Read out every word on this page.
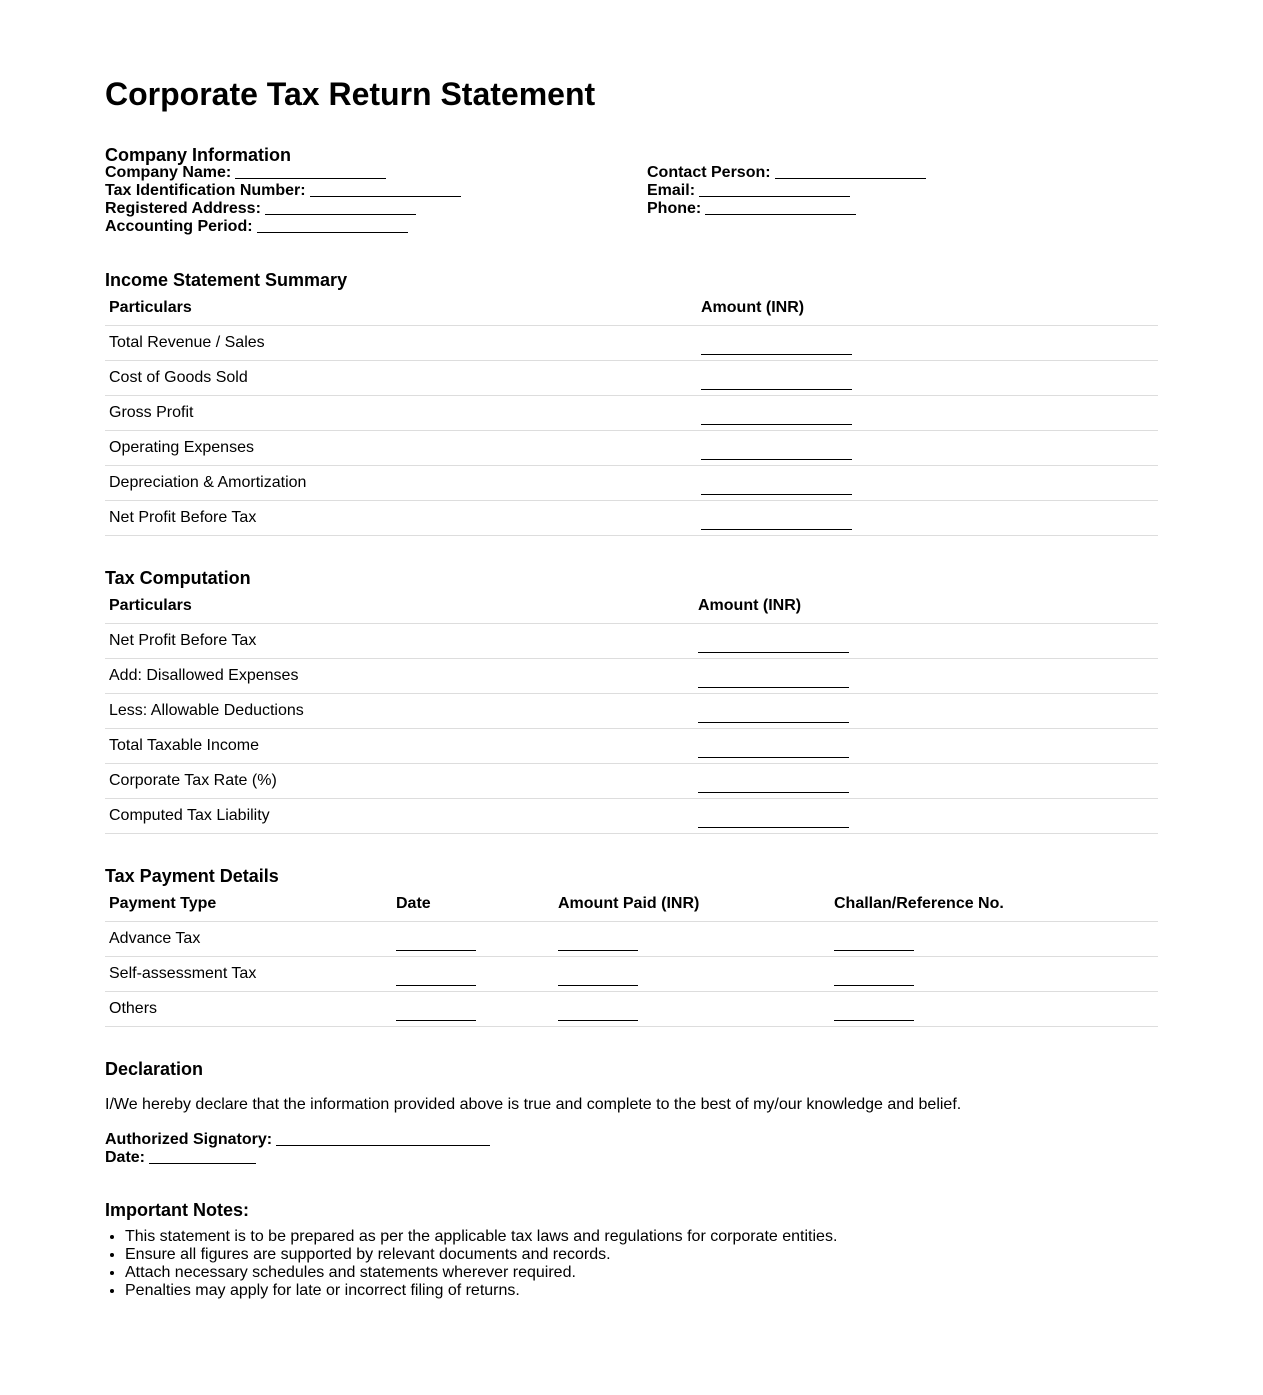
Corporate Tax Return Statement
Company Information
Company Name:
Tax Identification Number:
Registered Address:
Accounting Period:
Contact Person:
Email:
Phone:
Income Statement Summary
Particulars	Amount (INR)
Total Revenue / Sales	
Cost of Goods Sold	
Gross Profit	
Operating Expenses	
Depreciation & Amortization	
Net Profit Before Tax	
Tax Computation
Particulars	Amount (INR)
Net Profit Before Tax	
Add: Disallowed Expenses	
Less: Allowable Deductions	
Total Taxable Income	
Corporate Tax Rate (%)	
Computed Tax Liability	
Tax Payment Details
Payment Type	Date	Amount Paid (INR)	Challan/Reference No.
Advance Tax			
Self-assessment Tax			
Others			
Declaration

I/We hereby declare that the information provided above is true and complete to the best of my/our knowledge and belief.

Authorized Signatory:
Date:
Important Notes:
• This statement is to be prepared as per the applicable tax laws and regulations for corporate entities.
• Ensure all figures are supported by relevant documents and records.
• Attach necessary schedules and statements wherever required.
• Penalties may apply for late or incorrect filing of returns.
